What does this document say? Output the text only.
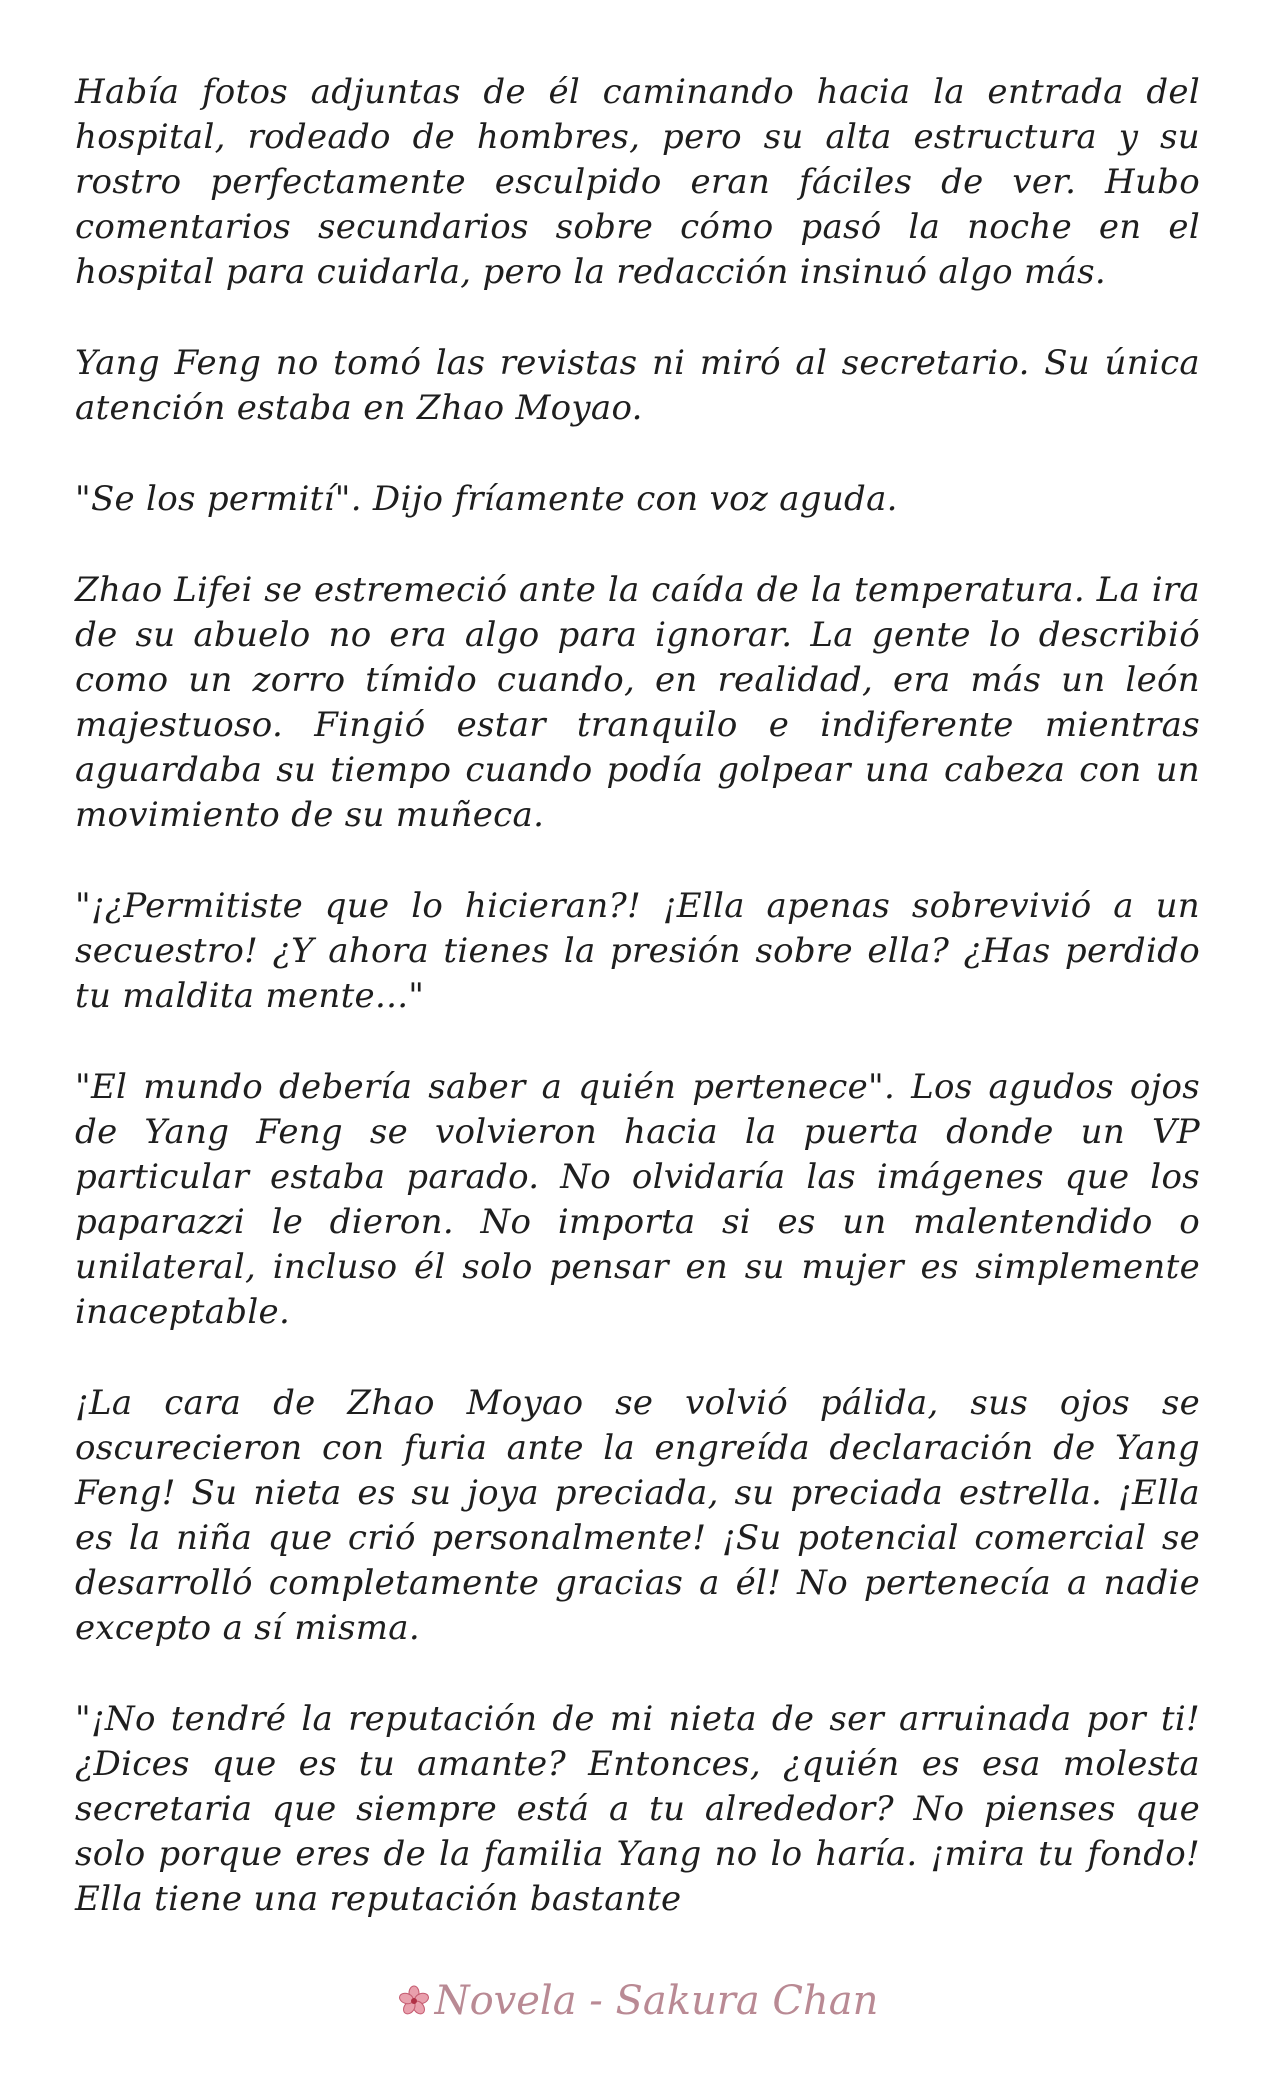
Había fotos adjuntas de él caminando hacia la entrada del hospital, rodeado de hombres, pero su alta estructura y su rostro perfectamente esculpido eran fáciles de ver. Hubo comentarios secundarios sobre cómo pasó la noche en el hospital para cuidarla, pero la redacción insinuó algo más.

Yang Feng no tomó las revistas ni miró al secretario. Su única atención estaba en Zhao Moyao.

"Se los permití". Dijo fríamente con voz aguda.

Zhao Lifei se estremeció ante la caída de la temperatura. La ira de su abuelo no era algo para ignorar. La gente lo describió como un zorro tímido cuando, en realidad, era más un león majestuoso. Fingió estar tranquilo e indiferente mientras aguardaba su tiempo cuando podía golpear una cabeza con un movimiento de su muñeca.

"¡¿Permitiste que lo hicieran?! ¡Ella apenas sobrevivió a un secuestro! ¿Y ahora tienes la presión sobre ella? ¿Has perdido tu maldita mente..."

"El mundo debería saber a quién pertenece". Los agudos ojos de Yang Feng se volvieron hacia la puerta donde un VP particular estaba parado. No olvidaría las imágenes que los paparazzi le dieron. No importa si es un malentendido o unilateral, incluso él solo pensar en su mujer es simplemente inaceptable.

¡La cara de Zhao Moyao se volvió pálida, sus ojos se oscurecieron con furia ante la engreída declaración de Yang Feng! Su nieta es su joya preciada, su preciada estrella. ¡Ella es la niña que crió personalmente! ¡Su potencial comercial se desarrolló completamente gracias a él! No pertenecía a nadie excepto a sí misma.

"¡No tendré la reputación de mi nieta de ser arruinada por ti! ¿Dices que es tu amante? Entonces, ¿quién es esa molesta secretaria que siempre está a tu alrededor? No pienses que solo porque eres de la familia Yang no lo haría. ¡mira tu fondo! Ella tiene una reputación bastante

Novela - Sakura Chan
